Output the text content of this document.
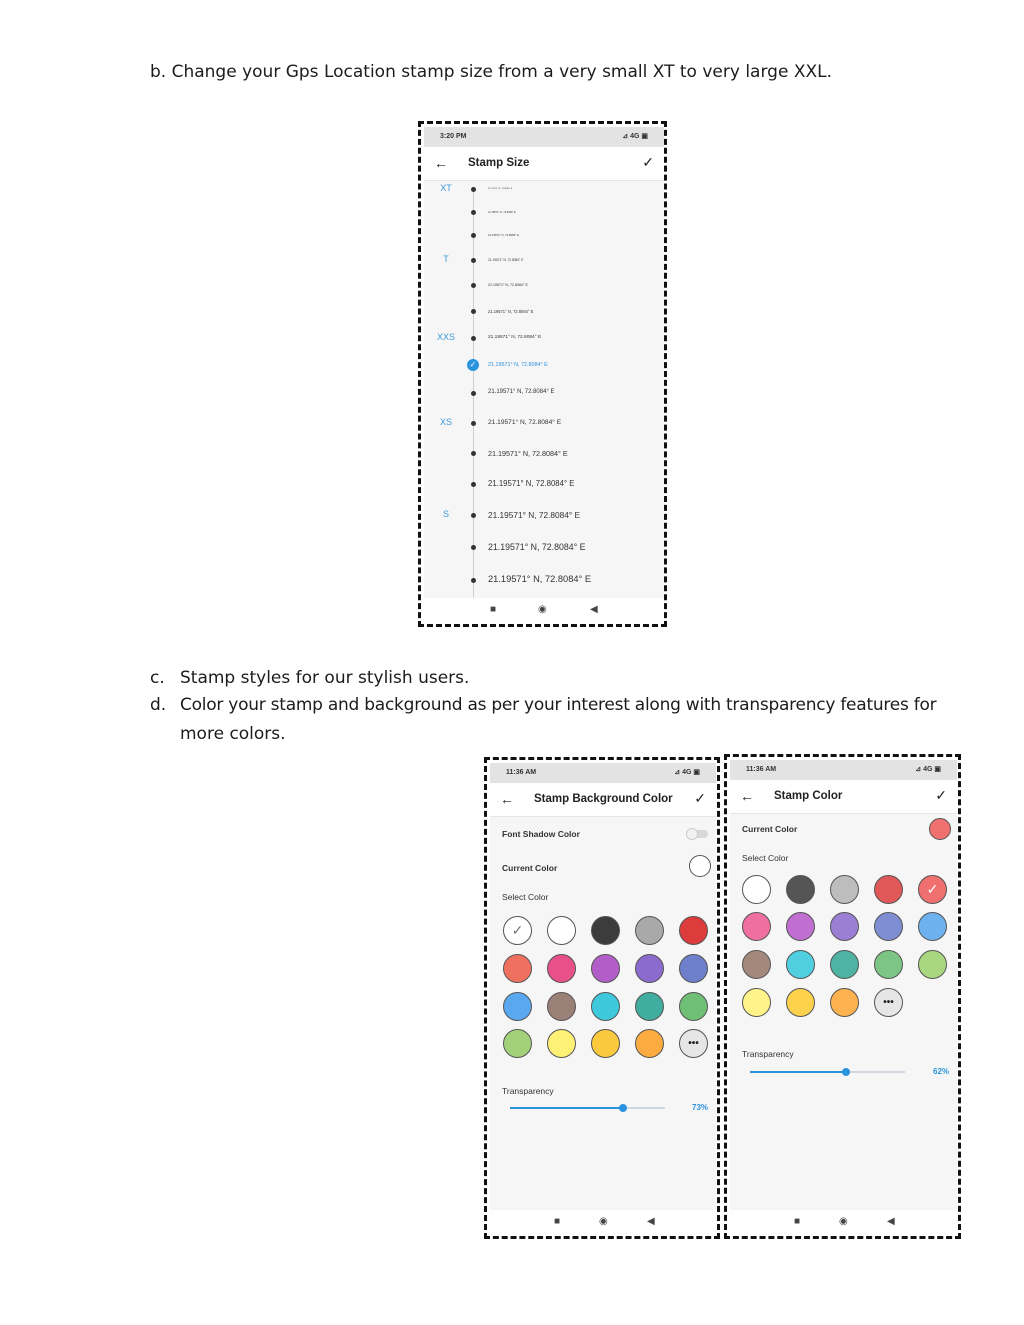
b. Change your Gps Location stamp size from a very small XT to very large XXL.
3:20 PM	⊿ 4G ▣
← Stamp Size	✓
XT	21.19571° N, 72.8084° E
21.19571° N, 72.8084° E
21.19571° N, 72.8084° E
T	21.19571° N, 72.8084° E
21.19571° N, 72.8084° E
21.19571° N, 72.8084° E
XXS	21.19571° N, 72.8084° E
✓	21.19571° N, 72.8084° E
21.19571° N, 72.8084° E
XS	21.19571° N, 72.8084° E
21.19571° N, 72.8084° E
21.19571° N, 72.8084° E
S	21.19571° N, 72.8084° E
21.19571° N, 72.8084° E
21.19571° N, 72.8084° E
■	◉	◀
c. Stamp styles for our stylish users.
d. Color your stamp and background as per your interest along with transparency features for
more colors.
11:36 AM	⊿ 4G ▣
← Stamp Background Color ✓
Font Shadow Color
Current Color
Select Color
✓
•••
Transparency
73%
■	◉	◀
11:36 AM	⊿ 4G ▣
← Stamp Color	✓
Current Color
Select Color
✓
•••
Transparency
62%
■	◉	◀
